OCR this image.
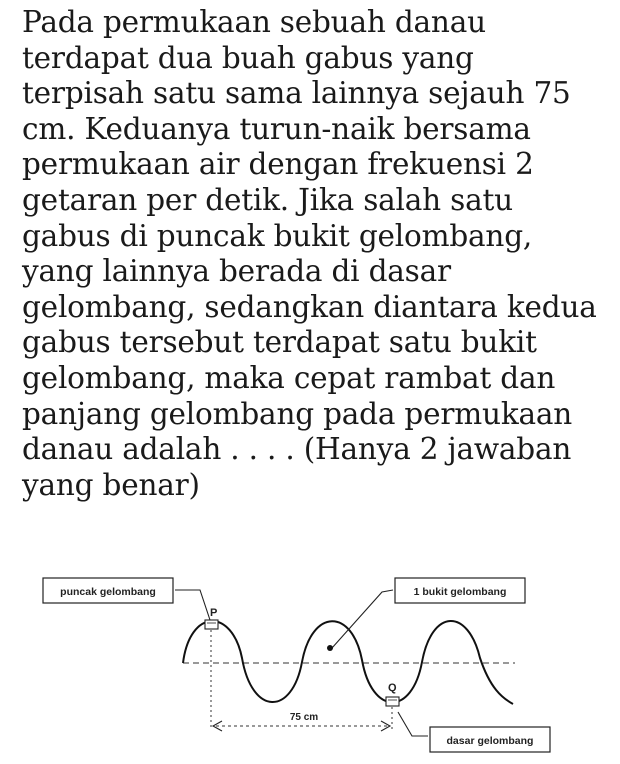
Pada permukaan sebuah danau
terdapat dua buah gabus yang
terpisah satu sama lainnya sejauh 75
cm. Keduanya turun-naik bersama
permukaan air dengan frekuensi 2
getaran per detik. Jika salah satu
gabus di puncak bukit gelombang,
yang lainnya berada di dasar
gelombang, sedangkan diantara kedua
gabus tersebut terdapat satu bukit
gelombang, maka cepat rambat dan
panjang gelombang pada permukaan
danau adalah . . . . (Hanya 2 jawaban
yang benar)
puncak gelombang	1 bukit gelombang
dasar gelombang
P
Q
75 cm
